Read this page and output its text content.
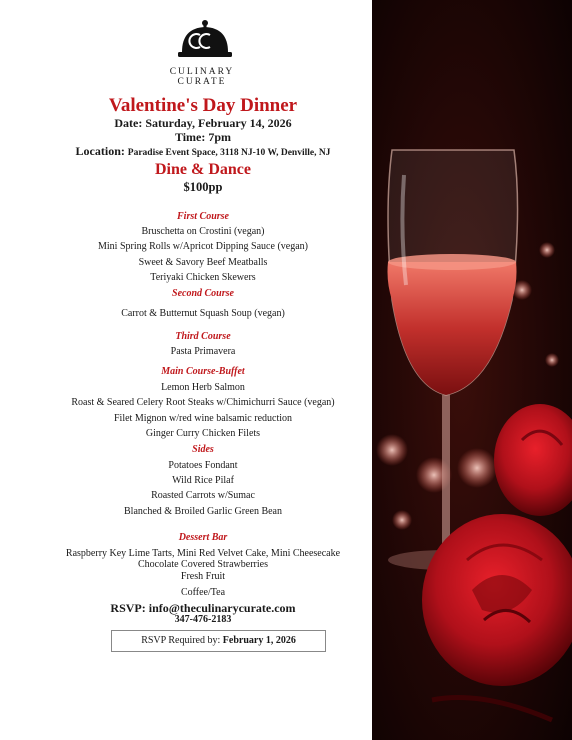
CULINARY
CURATE
Valentine's Day Dinner
Date: Saturday, February 14, 2026
Time: 7pm
Location: Paradise Event Space, 3118 NJ-10 W, Denville, NJ
Dine & Dance
$100pp
First Course
Bruschetta on Crostini (vegan)
Mini Spring Rolls w/Apricot Dipping Sauce (vegan)
Sweet & Savory Beef Meatballs
Teriyaki Chicken Skewers
Second Course
Carrot & Butternut Squash Soup (vegan)
Third Course
Pasta Primavera
Main Course-Buffet
Lemon Herb Salmon
Roast & Seared Celery Root Steaks w/Chimichurri Sauce (vegan)
Filet Mignon w/red wine balsamic reduction
Ginger Curry Chicken Filets
Sides
Potatoes Fondant
Wild Rice Pilaf
Roasted Carrots w/Sumac
Blanched & Broiled Garlic Green Bean
Dessert Bar
Raspberry Key Lime Tarts, Mini Red Velvet Cake, Mini Cheesecake
Chocolate Covered Strawberries
Fresh Fruit
Coffee/Tea
RSVP: info@theculinarycurate.com
347-476-2183
RSVP Required by: February 1, 2026
